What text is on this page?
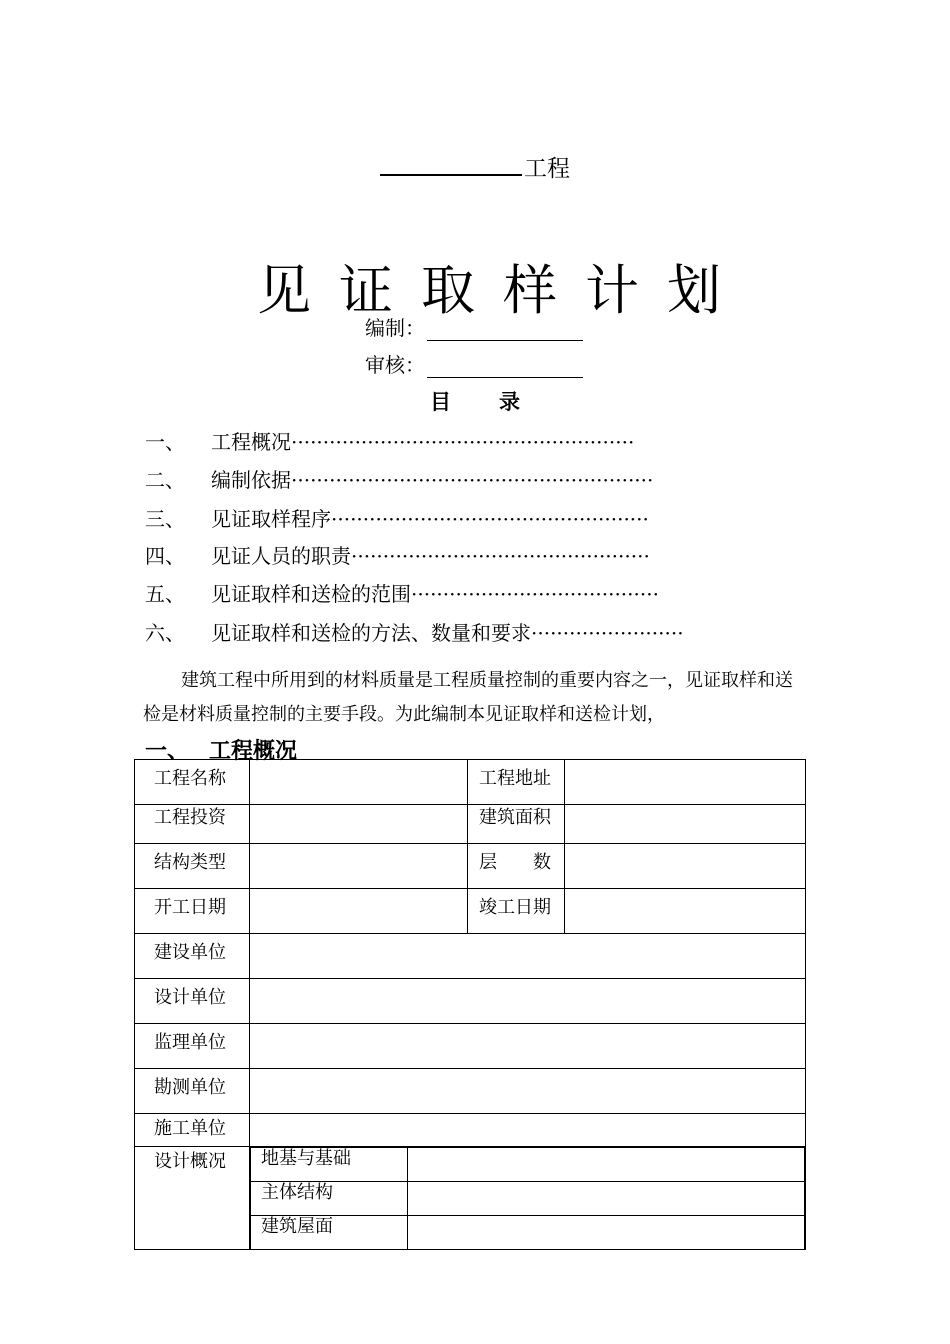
工程
见证取样计划
编制：
审核：
目 录
一、 工程概况······················································
二、 编制依据·························································
三、 见证取样程序··················································
四、 见证人员的职责···············································
五、 见证取样和送检的范围·······································
六、 见证取样和送检的方法、数量和要求························
建筑工程中所用到的材料质量是工程质量控制的重要内容之一，见证取样和送检是材料质量控制的主要手段。为此编制本见证取样和送检计划，
一、 工程概况
工程名称		工程地址	
工程投资		建筑面积	
结构类型		层　　数	
开工日期		竣工日期	
建设单位	
设计单位	
监理单位	
勘测单位	
施工单位	
设计概况	地基与基础	
主体结构	
建筑屋面	
